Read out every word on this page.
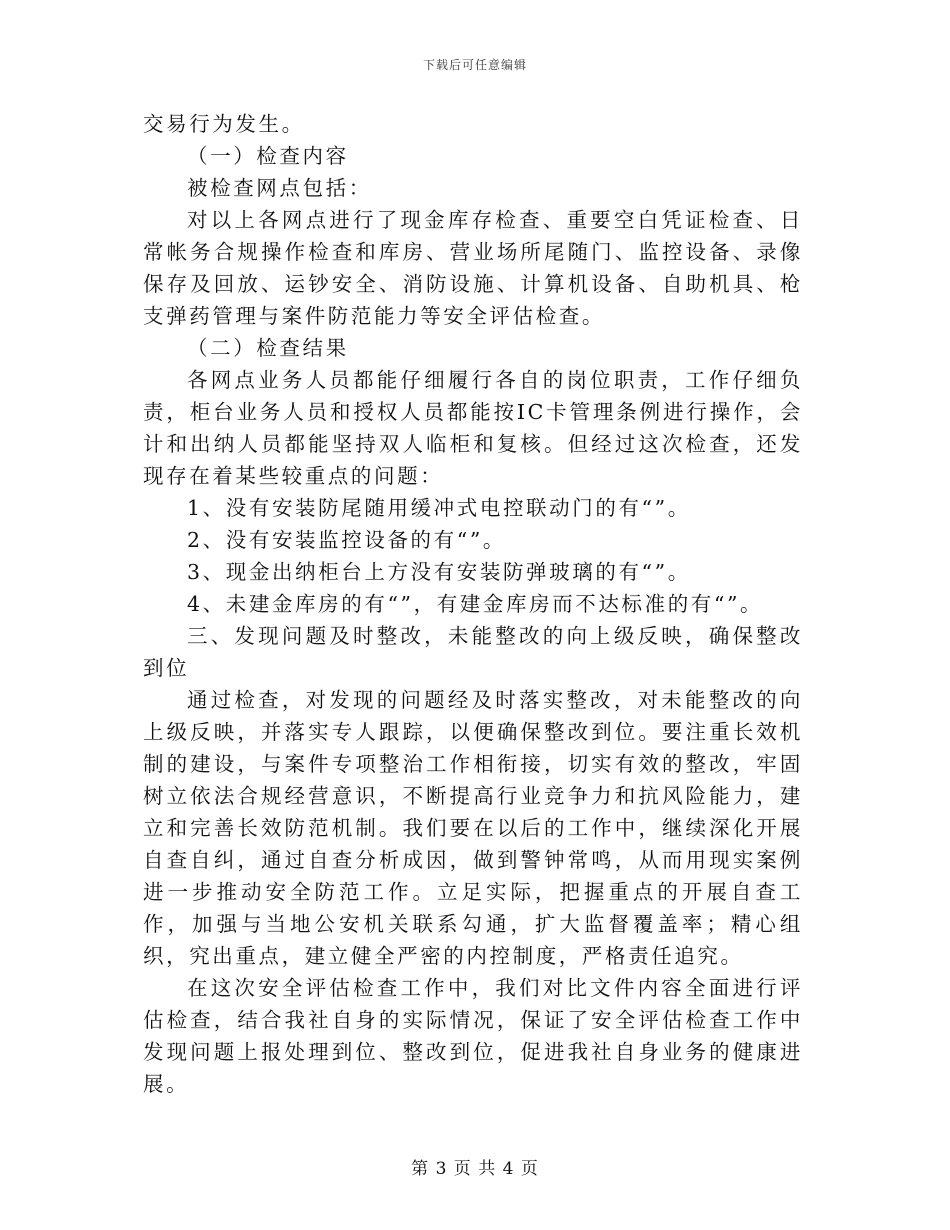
下载后可任意编辑

交易行为发生。

（一）检查内容

被检查网点包括：

对以上各网点进行了现金库存检查、重要空白凭证检查、日常帐务合规操作检查和库房、营业场所尾随门、监控设备、录像保存及回放、运钞安全、消防设施、计算机设备、自助机具、枪支弹药管理与案件防范能力等安全评估检查。

（二）检查结果

各网点业务人员都能仔细履行各自的岗位职责，工作仔细负责，柜台业务人员和授权人员都能按IC卡管理条例进行操作，会计和出纳人员都能坚持双人临柜和复核。但经过这次检查，还发现存在着某些较重点的问题：

1、没有安装防尾随用缓冲式电控联动门的有“”。

2、没有安装监控设备的有“”。

3、现金出纳柜台上方没有安装防弹玻璃的有“”。

4、未建金库房的有“”，有建金库房而不达标准的有“”。

三、发现问题及时整改，未能整改的向上级反映，确保整改到位

通过检查，对发现的问题经及时落实整改，对未能整改的向上级反映，并落实专人跟踪，以便确保整改到位。要注重长效机制的建设，与案件专项整治工作相衔接，切实有效的整改，牢固树立依法合规经营意识，不断提高行业竞争力和抗风险能力，建立和完善长效防范机制。我们要在以后的工作中，继续深化开展自查自纠，通过自查分析成因，做到警钟常鸣，从而用现实案例进一步推动安全防范工作。立足实际，把握重点的开展自查工作，加强与当地公安机关联系勾通，扩大监督覆盖率；精心组织，究出重点，建立健全严密的内控制度，严格责任追究。

在这次安全评估检查工作中，我们对比文件内容全面进行评估检查，结合我社自身的实际情况，保证了安全评估检查工作中发现问题上报处理到位、整改到位，促进我社自身业务的健康进展。

第 3 页 共 4 页
